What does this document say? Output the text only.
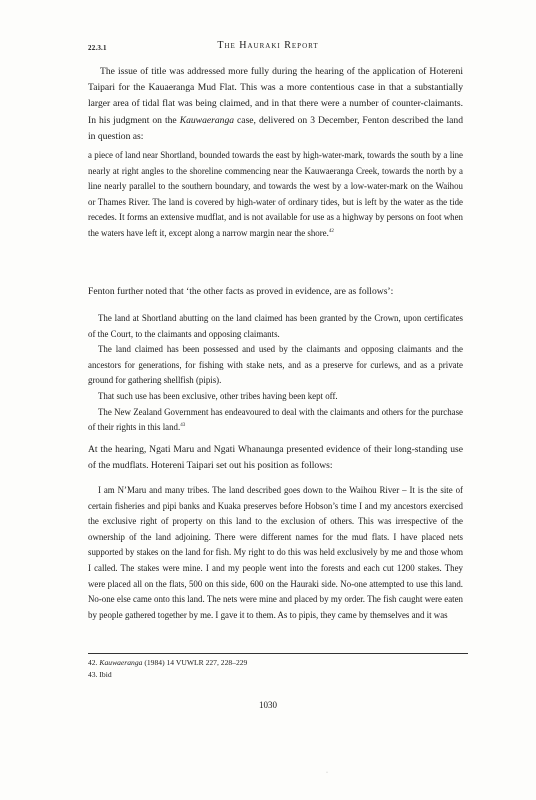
22.3.1	The Hauraki Report

The issue of title was addressed more fully during the hearing of the application of Hotereni Taipari for the Kauaeranga Mud Flat. This was a more contentious case in that a substantially larger area of tidal flat was being claimed, and in that there were a number of counter-claimants. In his judgment on the Kauwaeranga case, delivered on 3 December, Fenton described the land in question as:

a piece of land near Shortland, bounded towards the east by high-water-mark, towards the south by a line nearly at right angles to the shoreline commencing near the Kauwaeranga Creek, towards the north by a line nearly parallel to the southern boundary, and towards the west by a low-water-mark on the Waihou or Thames River. The land is covered by high-water of ordinary tides, but is left by the water as the tide recedes. It forms an extensive mudflat, and is not available for use as a highway by persons on foot when the waters have left it, except along a narrow margin near the shore.$^{42}$

Fenton further noted that ‘the other facts as proved in evidence, are as follows’:

The land at Shortland abutting on the land claimed has been granted by the Crown, upon certificates of the Court, to the claimants and opposing claimants.

The land claimed has been possessed and used by the claimants and opposing claimants and the ancestors for generations, for fishing with stake nets, and as a preserve for curlews, and as a private ground for gathering shellfish (pipis).

That such use has been exclusive, other tribes having been kept off.

The New Zealand Government has endeavoured to deal with the claimants and others for the purchase of their rights in this land.$^{43}$

At the hearing, Ngati Maru and Ngati Whanaunga presented evidence of their long-standing use of the mudflats. Hotereni Taipari set out his position as follows:

I am N’Maru and many tribes. The land described goes down to the Waihou River – It is the site of certain fisheries and pipi banks and Kuaka preserves before Hobson’s time I and my ancestors exercised the exclusive right of property on this land to the exclusion of others. This was irrespective of the ownership of the land adjoining. There were different names for the mud flats. I have placed nets supported by stakes on the land for fish. My right to do this was held exclusively by me and those whom I called. The stakes were mine. I and my people went into the forests and each cut 1200 stakes. They were placed all on the flats, 500 on this side, 600 on the Hauraki side. No-one attempted to use this land. No-one else came onto this land. The nets were mine and placed by my order. The fish caught were eaten by people gathered together by me. I gave it to them. As to pipis, they came by themselves and it was

42. Kauwaeranga (1984) 14 VUWLR 227, 228–229
43. Ibid
1030
·
